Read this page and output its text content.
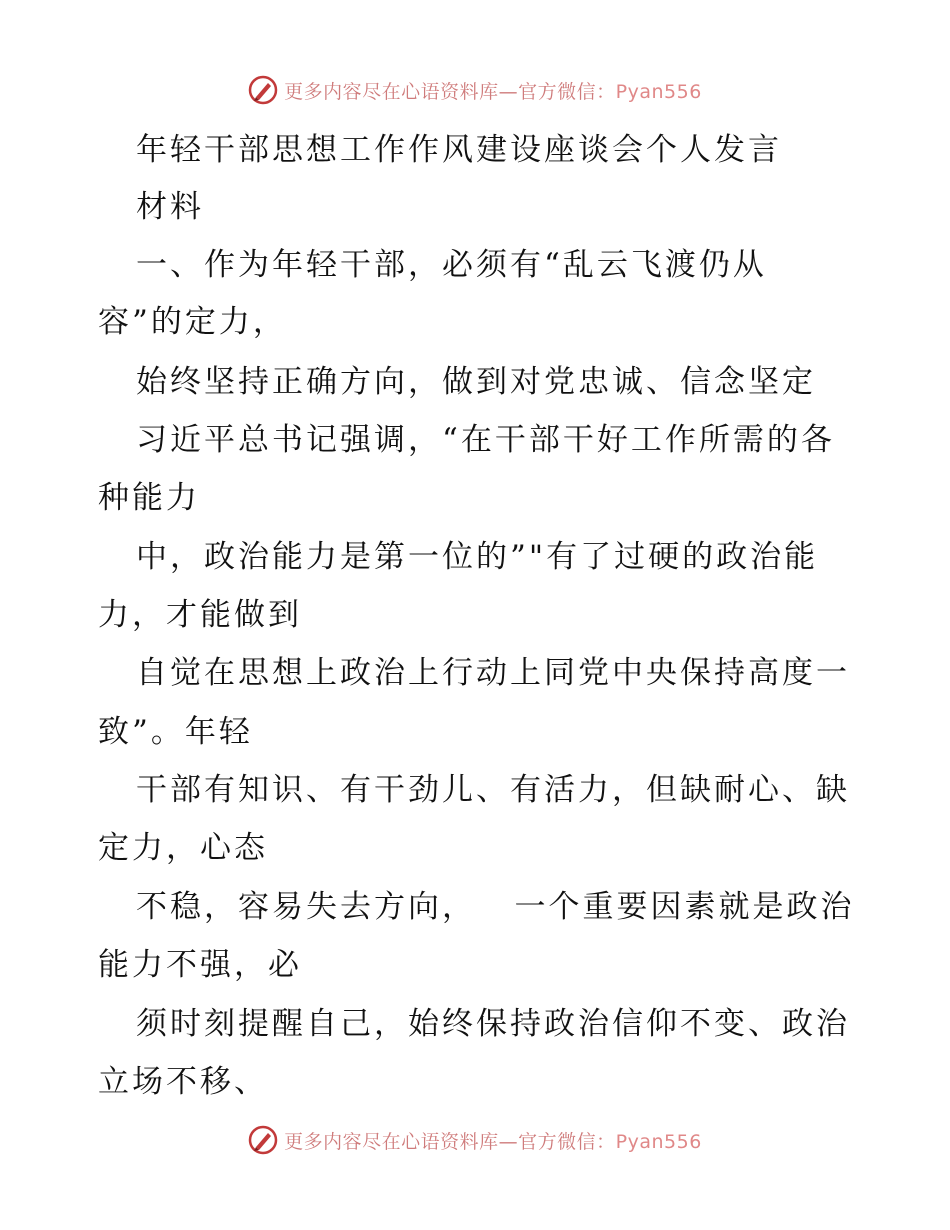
更多内容尽在心语资料库—官方微信：Pyan556
年轻干部思想工作作风建设座谈会个人发言
材料
一、作为年轻干部，必须有“乱云飞渡仍从
容”的定力，
始终坚持正确方向，做到对党忠诚、信念坚定
习近平总书记强调，“在干部干好工作所需的各
种能力
中，政治能力是第一位的”"有了过硬的政治能
力，才能做到
自觉在思想上政治上行动上同党中央保持高度一
致”。年轻
干部有知识、有干劲儿、有活力，但缺耐心、缺
定力，心态
不稳，容易失去方向，   一个重要因素就是政治
能力不强，必
须时刻提醒自己，始终保持政治信仰不变、政治
立场不移、
更多内容尽在心语资料库—官方微信：Pyan556
